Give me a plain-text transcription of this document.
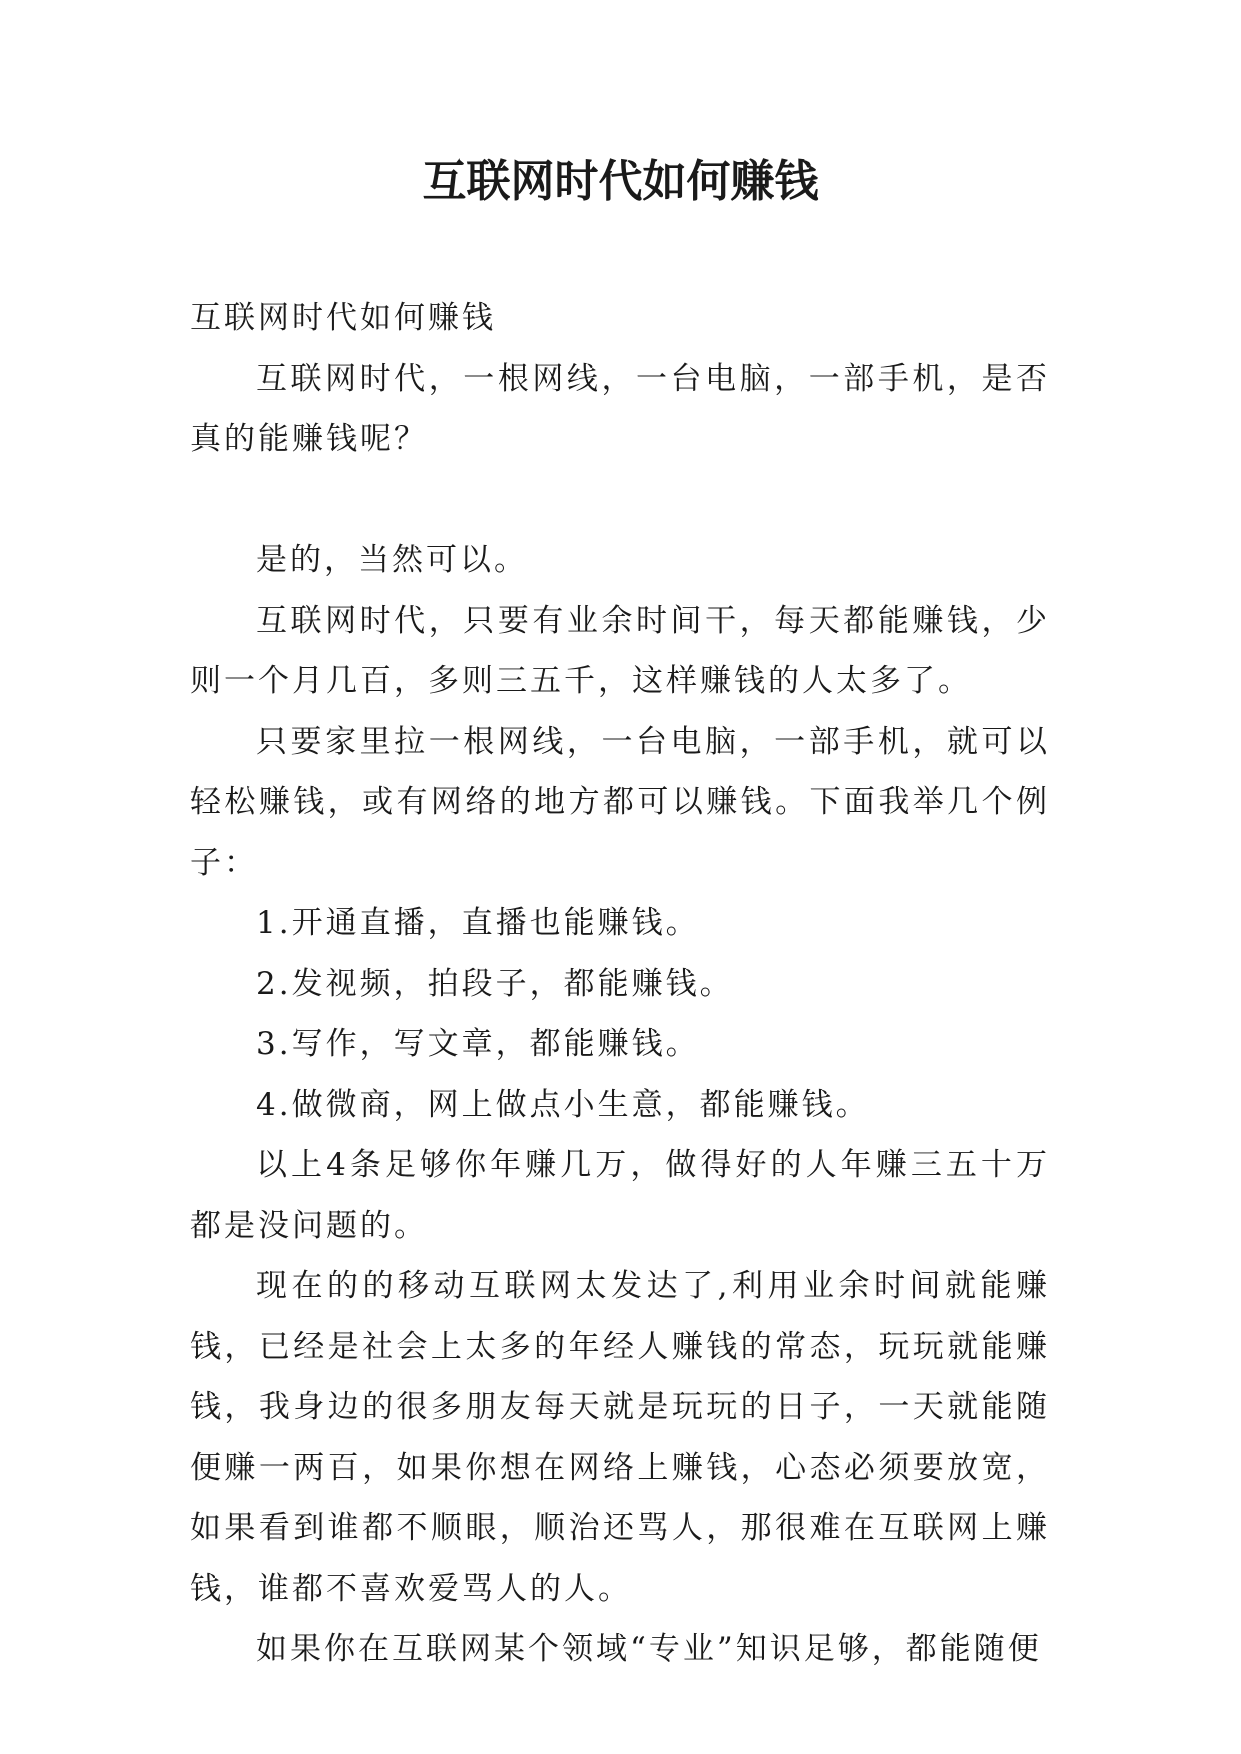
互联网时代如何赚钱

互联网时代如何赚钱

互联网时代，一根网线，一台电脑，一部手机，是否真的能赚钱呢？

是的，当然可以。

互联网时代，只要有业余时间干，每天都能赚钱，少则一个月几百，多则三五千，这样赚钱的人太多了。

只要家里拉一根网线，一台电脑，一部手机，就可以轻松赚钱，或有网络的地方都可以赚钱。下面我举几个例子：

1.开通直播，直播也能赚钱。

2.发视频，拍段子，都能赚钱。

3.写作，写文章，都能赚钱。

4.做微商，网上做点小生意，都能赚钱。

以上4条足够你年赚几万，做得好的人年赚三五十万都是没问题的。

现在的的移动互联网太发达了,利用业余时间就能赚钱，已经是社会上太多的年经人赚钱的常态，玩玩就能赚钱，我身边的很多朋友每天就是玩玩的日子，一天就能随便赚一两百，如果你想在网络上赚钱，心态必须要放宽，如果看到谁都不顺眼，顺治还骂人，那很难在互联网上赚钱，谁都不喜欢爱骂人的人。

如果你在互联网某个领域“专业”知识足够，都能随便
